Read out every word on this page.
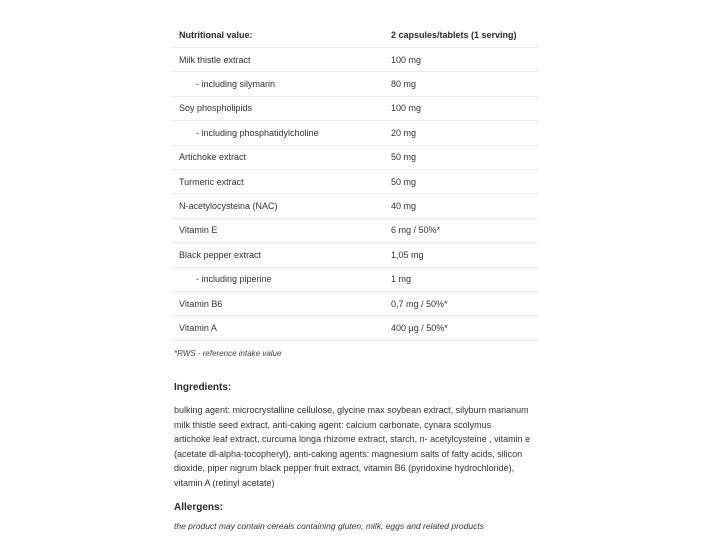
Nutritional value:	2 capsules/tablets (1 serving)
Milk thistle extract	100 mg
- including silymarin	80 mg
Soy phospholipids	100 mg
- including phosphatidylcholine	20 mg
Artichoke extract	50 mg
Turmeric extract	50 mg
N-acetylocysteina (NAC)	40 mg
Vitamin E	6 mg / 50%*
Black pepper extract	1,05 mg
- including piperine	1 mg
Vitamin B6	0,7 mg / 50%*
Vitamin A	400 µg / 50%*
*RWS - reference intake value
Ingredients:
bulking agent: microcrystalline cellulose, glycine max soybean extract, silybum marianum
milk thistle seed extract, anti-caking agent: calcium carbonate, cynara scolymus
artichoke leaf extract, curcuma longa rhizome extract, starch, n- acetylcysteine , vitamin e
(acetate dl-alpha-tocopheryl), anti-caking agents: magnesium salts of fatty acids, silicon
dioxide, piper nigrum black pepper fruit extract, vitamin B6 (pyridoxine hydrochloride),
vitamin A (retinyl acetate)
Allergens:
the product may contain cereals containing gluten, milk, eggs and related products
